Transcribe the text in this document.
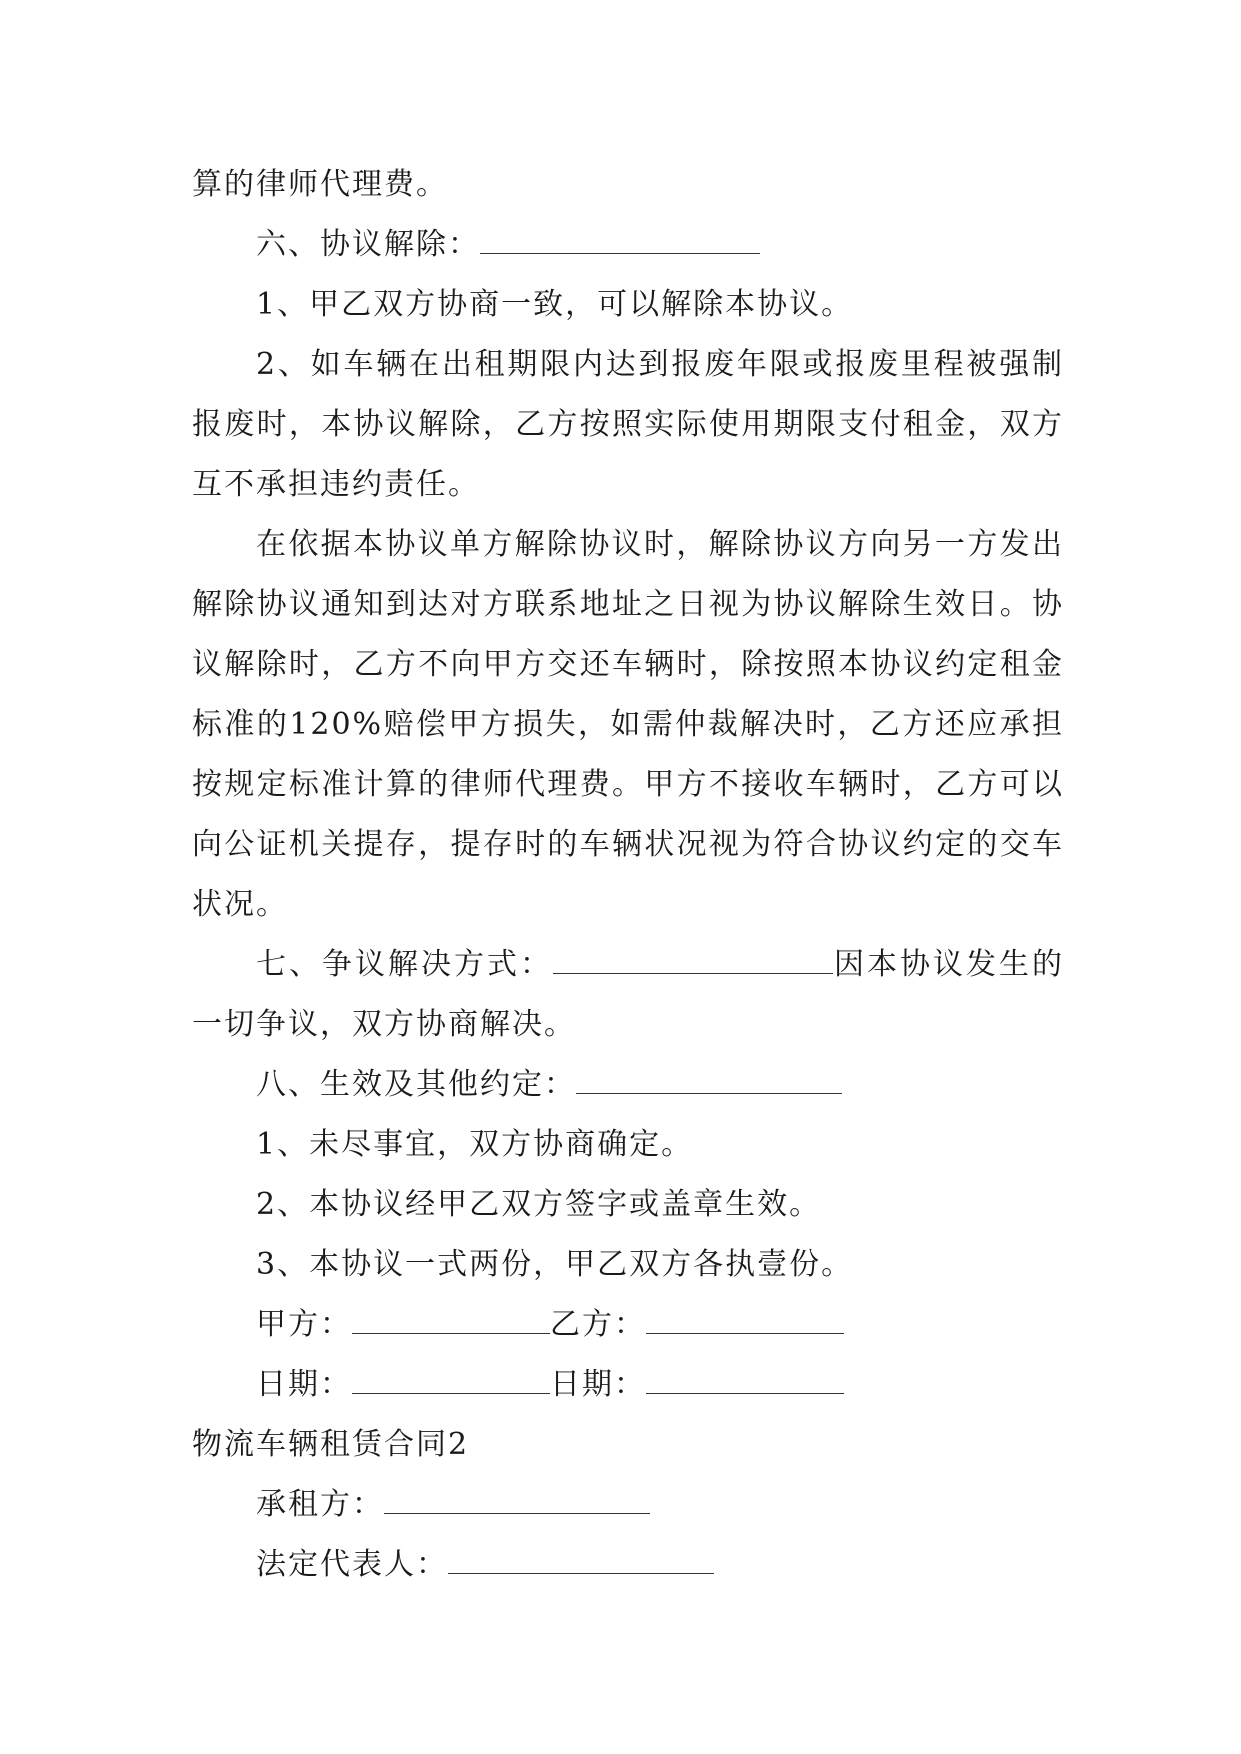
算的律师代理费。

六、协议解除：

1、甲乙双方协商一致，可以解除本协议。

2、如车辆在出租期限内达到报废年限或报废里程被强制报废时，本协议解除，乙方按照实际使用期限支付租金，双方互不承担违约责任。

在依据本协议单方解除协议时，解除协议方向另一方发出解除协议通知到达对方联系地址之日视为协议解除生效日。协议解除时，乙方不向甲方交还车辆时，除按照本协议约定租金标准的120%赔偿甲方损失，如需仲裁解决时，乙方还应承担按规定标准计算的律师代理费。甲方不接收车辆时，乙方可以向公证机关提存，提存时的车辆状况视为符合协议约定的交车状况。

七、争议解决方式：	因本协议发生的一切争议，双方协商解决。

八、生效及其他约定：

1、未尽事宜，双方协商确定。

2、本协议经甲乙双方签字或盖章生效。

3、本协议一式两份，甲乙双方各执壹份。

甲方：	乙方：

日期：	日期：

物流车辆租赁合同2

承租方：

法定代表人：
